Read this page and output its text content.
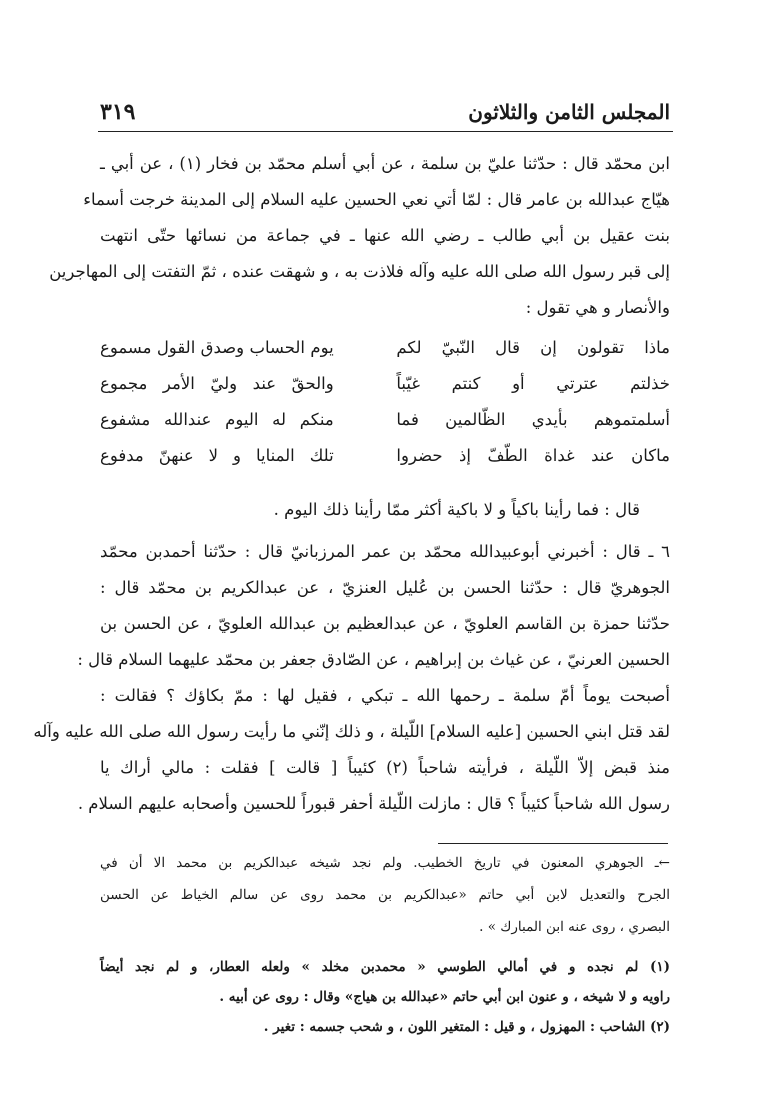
٣١٩	المجلس الثامن والثلاثون
ابن محمّد قال : حدّثنا عليّ بن سلمة ، عن أبي أسلم محمّد بن فخار (١) ، عن أبي ـ
هيّاج عبدالله بن عامر قال : لمّا أتي نعي الحسين عليه السلام إلى المدينة خرجت أسماء
بنت عقيل بن أبي طالب ـ رضي الله عنها ـ في جماعة من نسائها حتّى انتهت
إلى قبر رسول الله صلى الله عليه وآله فلاذت به ، و شهقت عنده ، ثمّ التفتت إلى المهاجرين
والأنصار و هي تقول :
ماذا تقولون إن قال النّبيّ لكم
يوم الحساب وصدق القول مسموع
خذلتم عترتي أو كنتم غيّباً
والحقّ عند وليّ الأمر مجموع
أسلمتموهم بأيدي الظّالمين فما
منكم له اليوم عندالله مشفوع
ماكان عند غداة الطّفّ إذ حضروا
تلك المنايا و لا عنهنّ مدفوع
قال : فما رأينا باكياً و لا باكية أكثر ممّا رأينا ذلك اليوم .
٦ ـ قال : أخبرني أبوعبيدالله محمّد بن عمر المرزبانيّ قال : حدّثنا أحمدبن محمّد
الجوهريّ قال : حدّثنا الحسن بن عُليل العنزيّ ، عن عبدالكريم بن محمّد قال :
حدّثنا حمزة بن القاسم العلويّ ، عن عبدالعظيم بن عبدالله العلويّ ، عن الحسن بن
الحسين العرنيّ ، عن غياث بن إبراهيم ، عن الصّادق جعفر بن محمّد عليهما السلام قال :
أصبحت يوماً أمّ سلمة ـ رحمها الله ـ تبكي ، فقيل لها : ممّ بكاؤك ؟ فقالت :
لقد قتل ابني الحسين [عليه السلام] اللّيلة ، و ذلك إنّني ما رأيت رسول الله صلى الله عليه وآله
منذ قبض إلاّ اللّيلة ، فرأيته شاحباً (٢) كئيباً [ قالت ] فقلت : مالي أراك يا
رسول الله شاحباً كئيباً ؟ قال : مازلت اللّيلة أحفر قبوراً للحسين وأصحابه عليهم السلام .
←ـ الجوهري المعنون في تاريخ الخطيب. ولم نجد شيخه عبدالكريم بن محمد الا أن في
الجرح والتعديل لابن أبي حاتم «عبدالكريم بن محمد روى عن سالم الخياط عن الحسن
البصري ، روى عنه ابن المبارك » .
(١) لم نجده و في أمالي الطوسي « محمدبن مخلد » ولعله العطار، و لم نجد أيضاً
راويه و لا شيخه ، و عنون ابن أبي حاتم «عبدالله بن هياج» وقال : روى عن أبيه .
(٢) الشاحب : المهزول ، و قيل : المتغير اللون ، و شحب جسمه : تغير .
